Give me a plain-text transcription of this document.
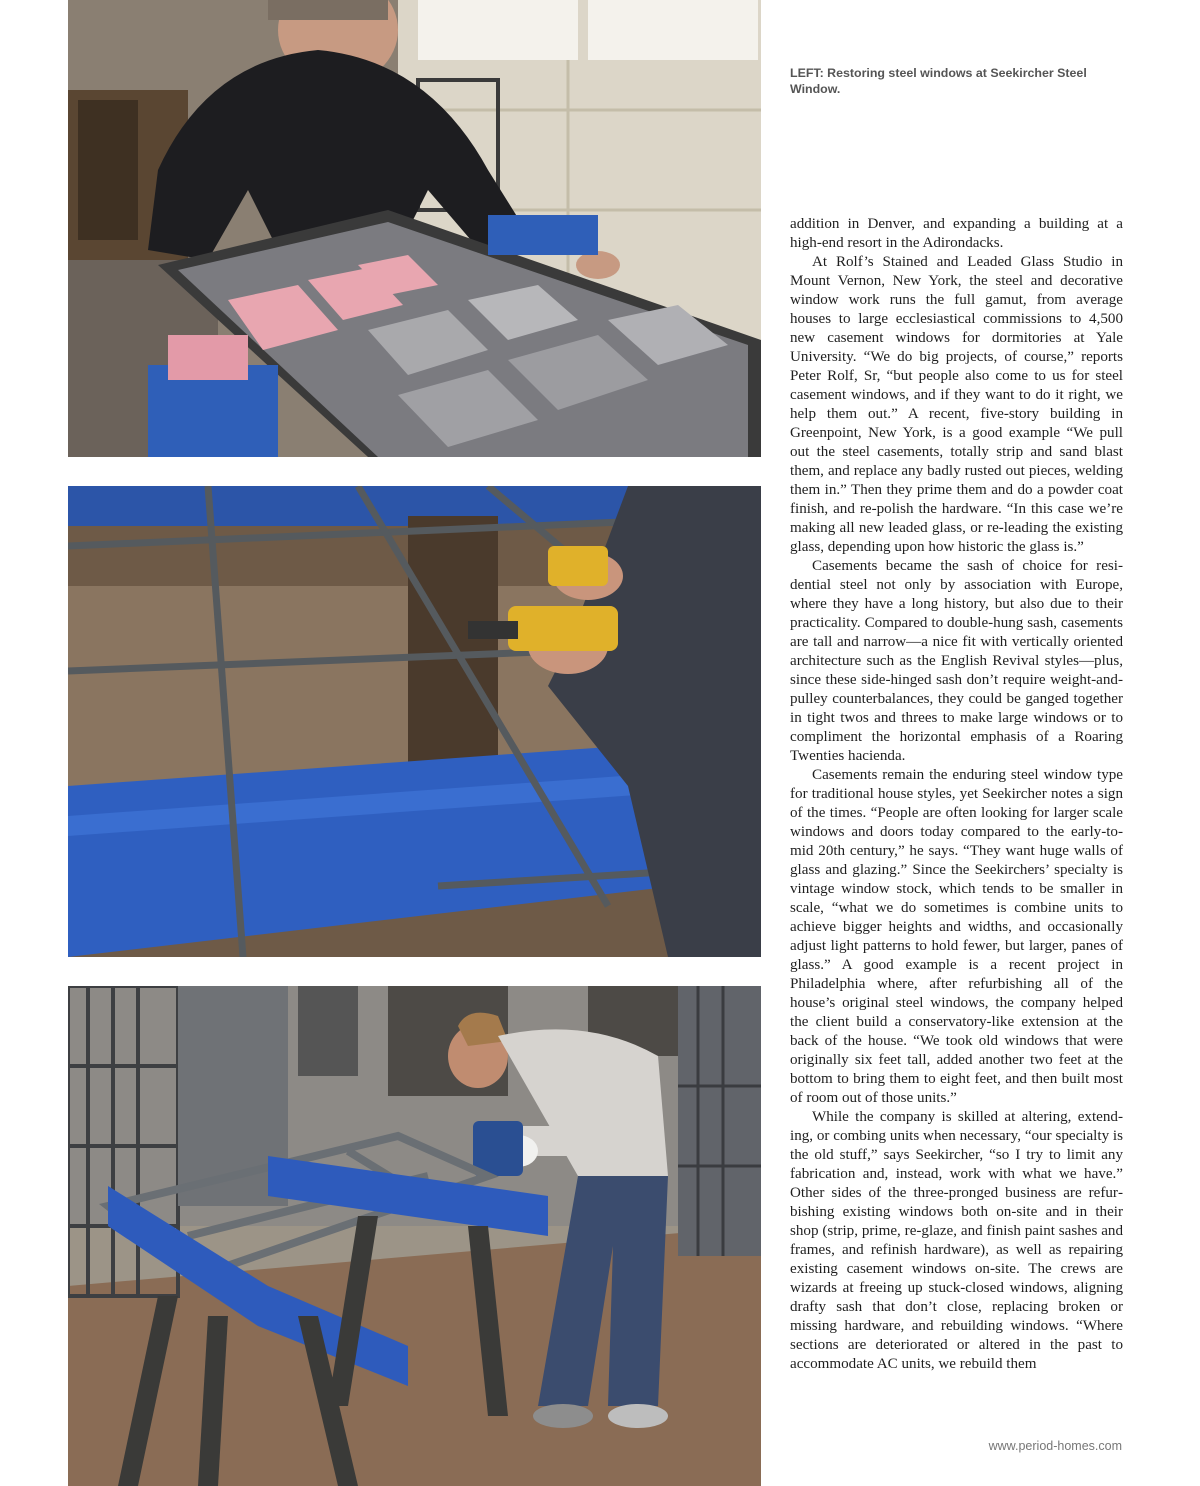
LEFT: Restoring steel windows at Seekircher Steel Window.

addition in Denver, and expanding a building at a high-end resort in the Adirondacks.

At Rolf’s Stained and Leaded Glass Studio in Mount Vernon, New York, the steel and decorative window work runs the full gamut, from average houses to large ecclesiastical commissions to 4,500 new casement windows for dormitories at Yale University. “We do big projects, of course,” reports Peter Rolf, Sr, “but people also come to us for steel casement windows, and if they want to do it right, we help them out.” A recent, five-story building in Greenpoint, New York, is a good example “We pull out the steel casements, totally strip and sand blast them, and replace any badly rusted out pieces, welding them in.” Then they prime them and do a powder coat finish, and re-polish the hardware. “In this case we’re making all new leaded glass, or re-leading the existing glass, depending upon how historic the glass is.”

Casements became the sash of choice for residential steel not only by association with Europe, where they have a long history, but also due to their practicality. Compared to double-hung sash, casements are tall and narrow—a nice fit with vertically oriented architecture such as the English Revival styles—plus, since these side-hinged sash don’t require weight-and-pulley counterbalances, they could be ganged together in tight twos and threes to make large windows or to compliment the horizontal emphasis of a Roaring Twenties hacienda.

Casements remain the enduring steel window type for traditional house styles, yet Seekircher notes a sign of the times. “People are often looking for larger scale windows and doors today compared to the early-to-mid 20th century,” he says. “They want huge walls of glass and glazing.” Since the Seekirchers’ specialty is vintage window stock, which tends to be smaller in scale, “what we do sometimes is combine units to achieve bigger heights and widths, and occasionally adjust light patterns to hold fewer, but larger, panes of glass.” A good example is a recent project in Philadelphia where, after refurbishing all of the house’s original steel windows, the company helped the client build a conservatory-like extension at the back of the house. “We took old windows that were originally six feet tall, added another two feet at the bottom to bring them to eight feet, and then built most of room out of those units.”

While the company is skilled at altering, extending, or combing units when necessary, “our specialty is the old stuff,” says Seekircher, “so I try to limit any fabrication and, instead, work with what we have.” Other sides of the three-pronged business are refurbishing existing windows both on-site and in their shop (strip, prime, re-glaze, and finish paint sashes and frames, and refinish hardware), as well as repairing existing casement windows on-site. The crews are wizards at freeing up stuck-closed windows, aligning drafty sash that don’t close, replacing broken or missing hardware, and rebuilding windows. “Where sections are deteriorated or altered in the past to accommodate AC units, we rebuild them

www.period-homes.com
